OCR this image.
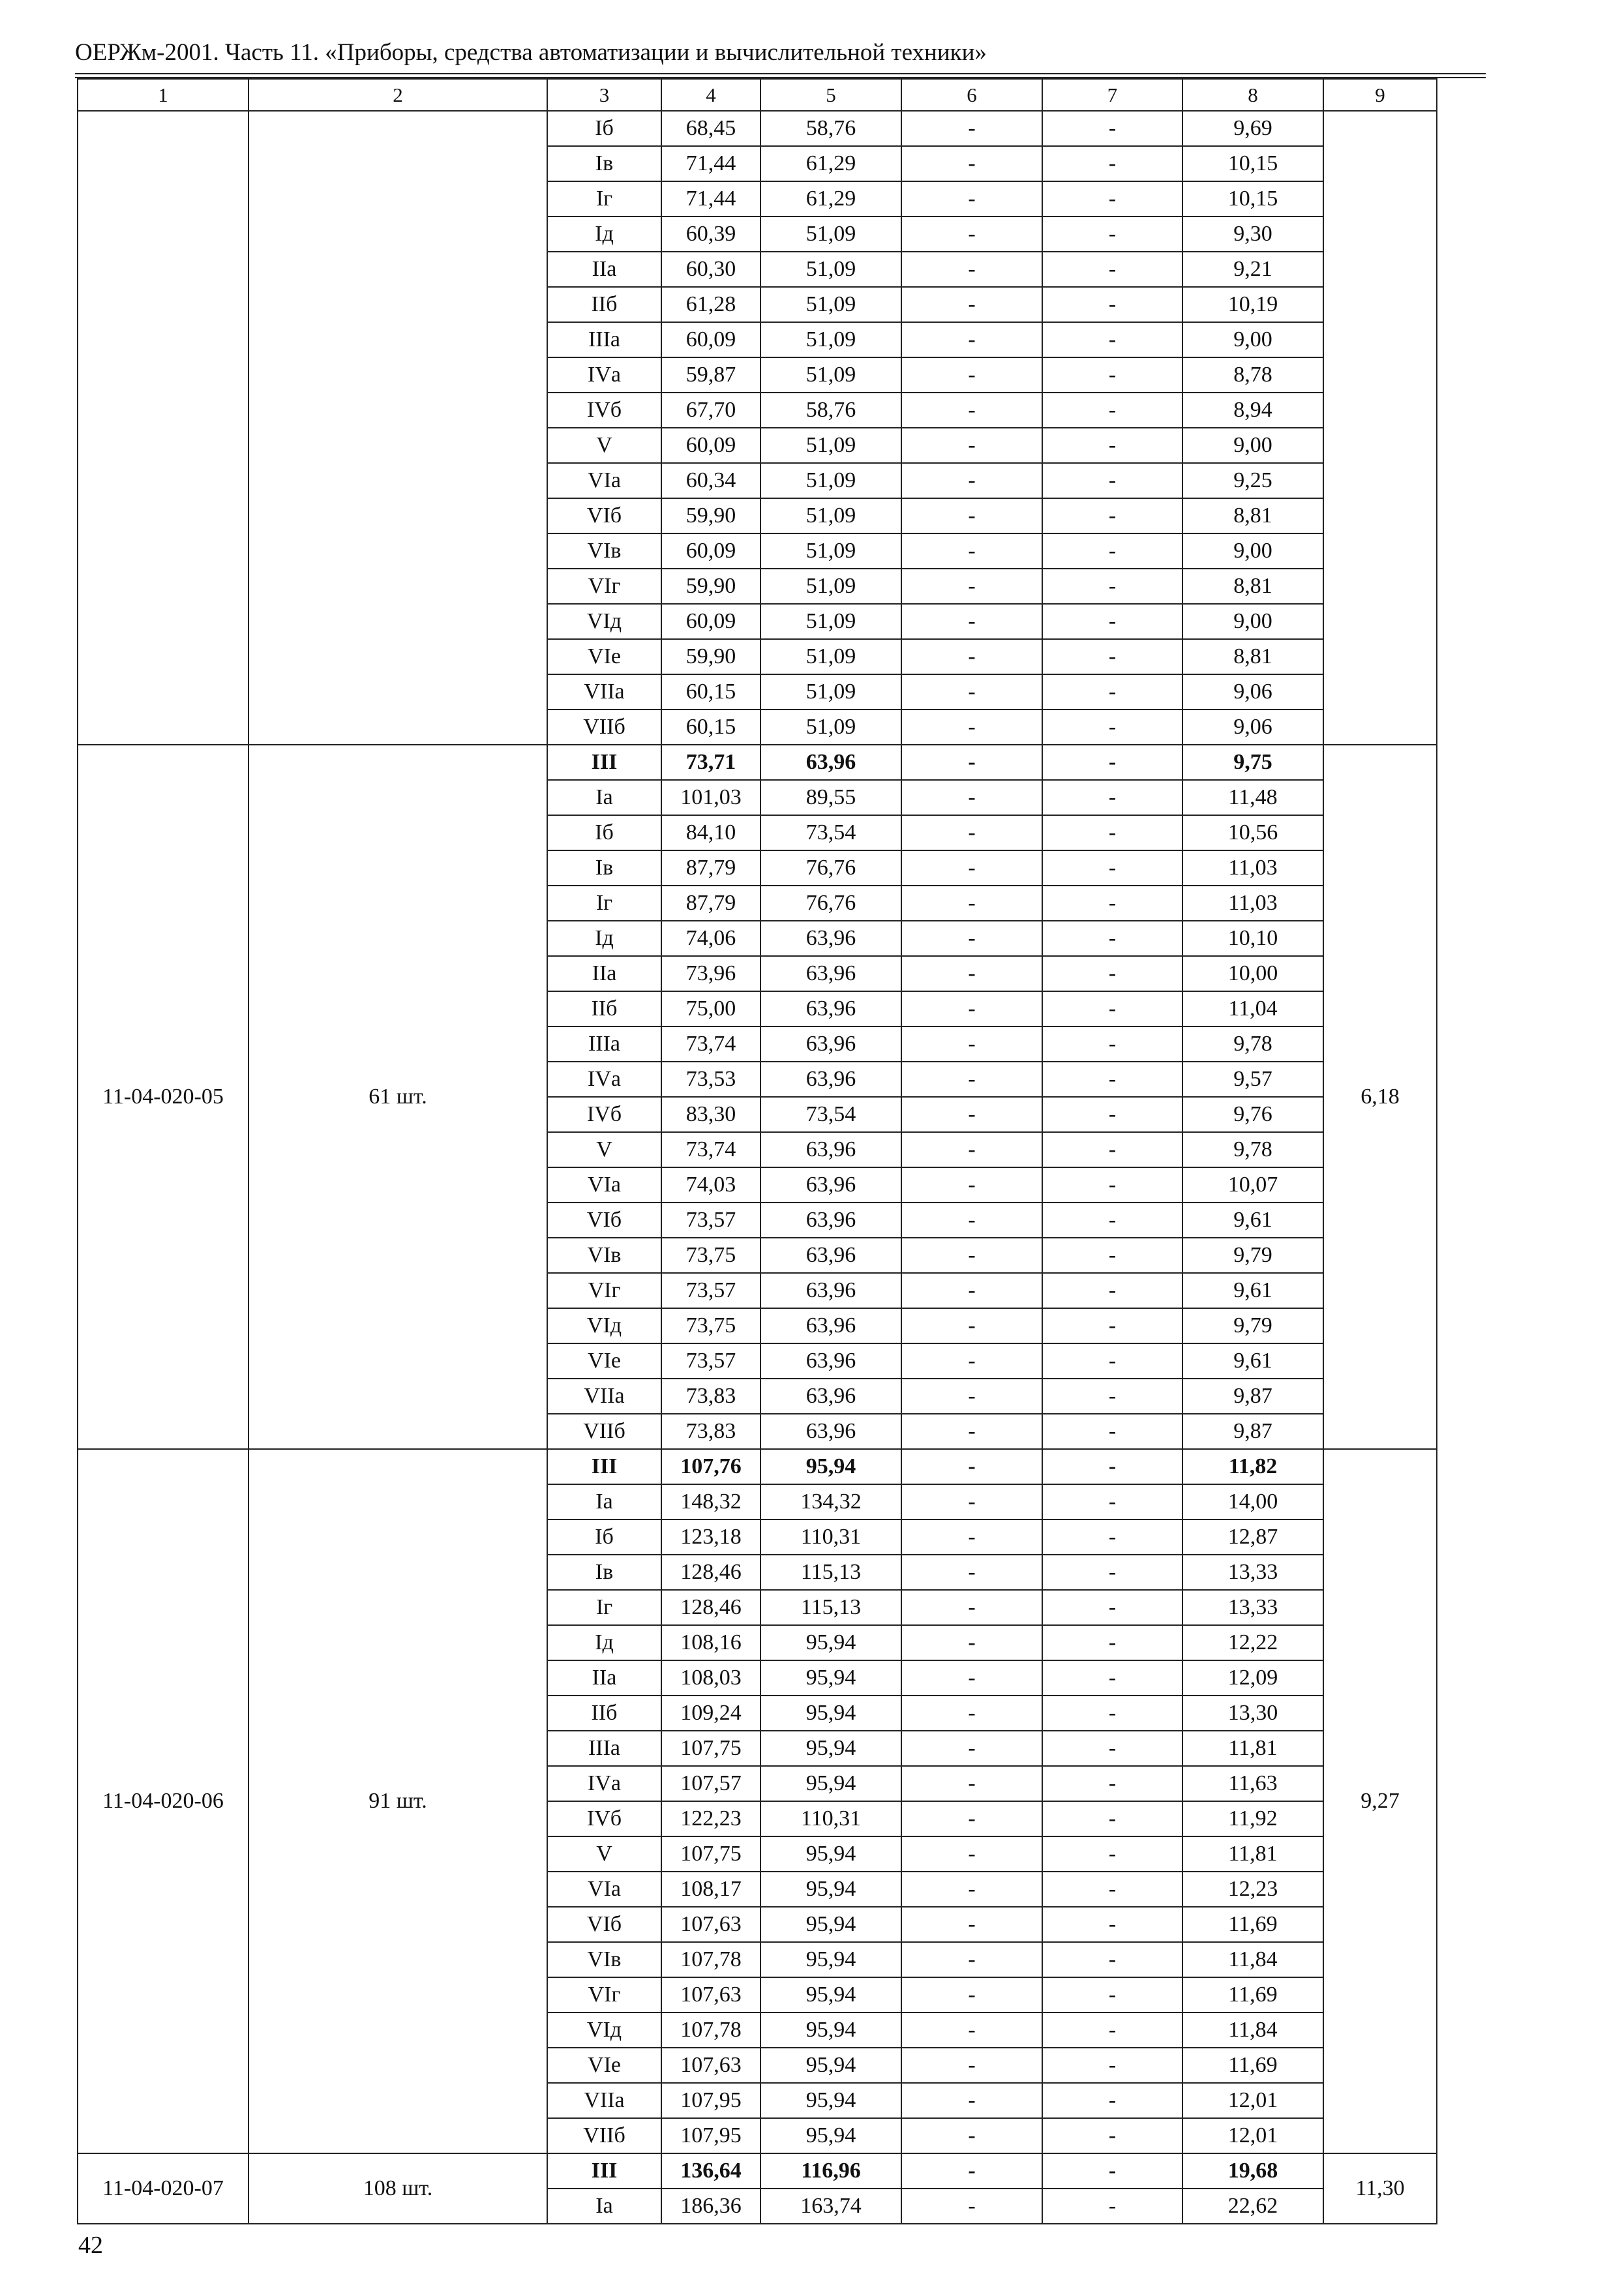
ОЕРЖм-2001. Часть 11. «Приборы, средства автоматизации и вычислительной техники»
1	2	3	4	5	6	7	8	9
		Iб	68,45	58,76	-	-	9,69	
		Iв	71,44	61,29	-	-	10,15	
		Iг	71,44	61,29	-	-	10,15	
		Iд	60,39	51,09	-	-	9,30	
		IIа	60,30	51,09	-	-	9,21	
		IIб	61,28	51,09	-	-	10,19	
		IIIа	60,09	51,09	-	-	9,00	
		IVа	59,87	51,09	-	-	8,78	
		IVб	67,70	58,76	-	-	8,94	
		V	60,09	51,09	-	-	9,00	
		VIа	60,34	51,09	-	-	9,25	
		VIб	59,90	51,09	-	-	8,81	
		VIв	60,09	51,09	-	-	9,00	
		VIг	59,90	51,09	-	-	8,81	
		VIд	60,09	51,09	-	-	9,00	
		VIе	59,90	51,09	-	-	8,81	
		VIIа	60,15	51,09	-	-	9,06	
		VIIб	60,15	51,09	-	-	9,06	
11-04-020-05	61 шт.	III	73,71	63,96	-	-	9,75	6,18
		Iа	101,03	89,55	-	-	11,48	
		Iб	84,10	73,54	-	-	10,56	
		Iв	87,79	76,76	-	-	11,03	
		Iг	87,79	76,76	-	-	11,03	
		Iд	74,06	63,96	-	-	10,10	
		IIа	73,96	63,96	-	-	10,00	
		IIб	75,00	63,96	-	-	11,04	
		IIIа	73,74	63,96	-	-	9,78	
		IVа	73,53	63,96	-	-	9,57	
		IVб	83,30	73,54	-	-	9,76	
		V	73,74	63,96	-	-	9,78	
		VIа	74,03	63,96	-	-	10,07	
		VIб	73,57	63,96	-	-	9,61	
		VIв	73,75	63,96	-	-	9,79	
		VIг	73,57	63,96	-	-	9,61	
		VIд	73,75	63,96	-	-	9,79	
		VIе	73,57	63,96	-	-	9,61	
		VIIа	73,83	63,96	-	-	9,87	
		VIIб	73,83	63,96	-	-	9,87	
11-04-020-06	91 шт.	III	107,76	95,94	-	-	11,82	9,27
		Iа	148,32	134,32	-	-	14,00	
		Iб	123,18	110,31	-	-	12,87	
		Iв	128,46	115,13	-	-	13,33	
		Iг	128,46	115,13	-	-	13,33	
		Iд	108,16	95,94	-	-	12,22	
		IIа	108,03	95,94	-	-	12,09	
		IIб	109,24	95,94	-	-	13,30	
		IIIа	107,75	95,94	-	-	11,81	
		IVа	107,57	95,94	-	-	11,63	
		IVб	122,23	110,31	-	-	11,92	
		V	107,75	95,94	-	-	11,81	
		VIа	108,17	95,94	-	-	12,23	
		VIб	107,63	95,94	-	-	11,69	
		VIв	107,78	95,94	-	-	11,84	
		VIг	107,63	95,94	-	-	11,69	
		VIд	107,78	95,94	-	-	11,84	
		VIе	107,63	95,94	-	-	11,69	
		VIIа	107,95	95,94	-	-	12,01	
		VIIб	107,95	95,94	-	-	12,01	
11-04-020-07	108 шт.	III	136,64	116,96	-	-	19,68	11,30
		Iа	186,36	163,74	-	-	22,62	
42
